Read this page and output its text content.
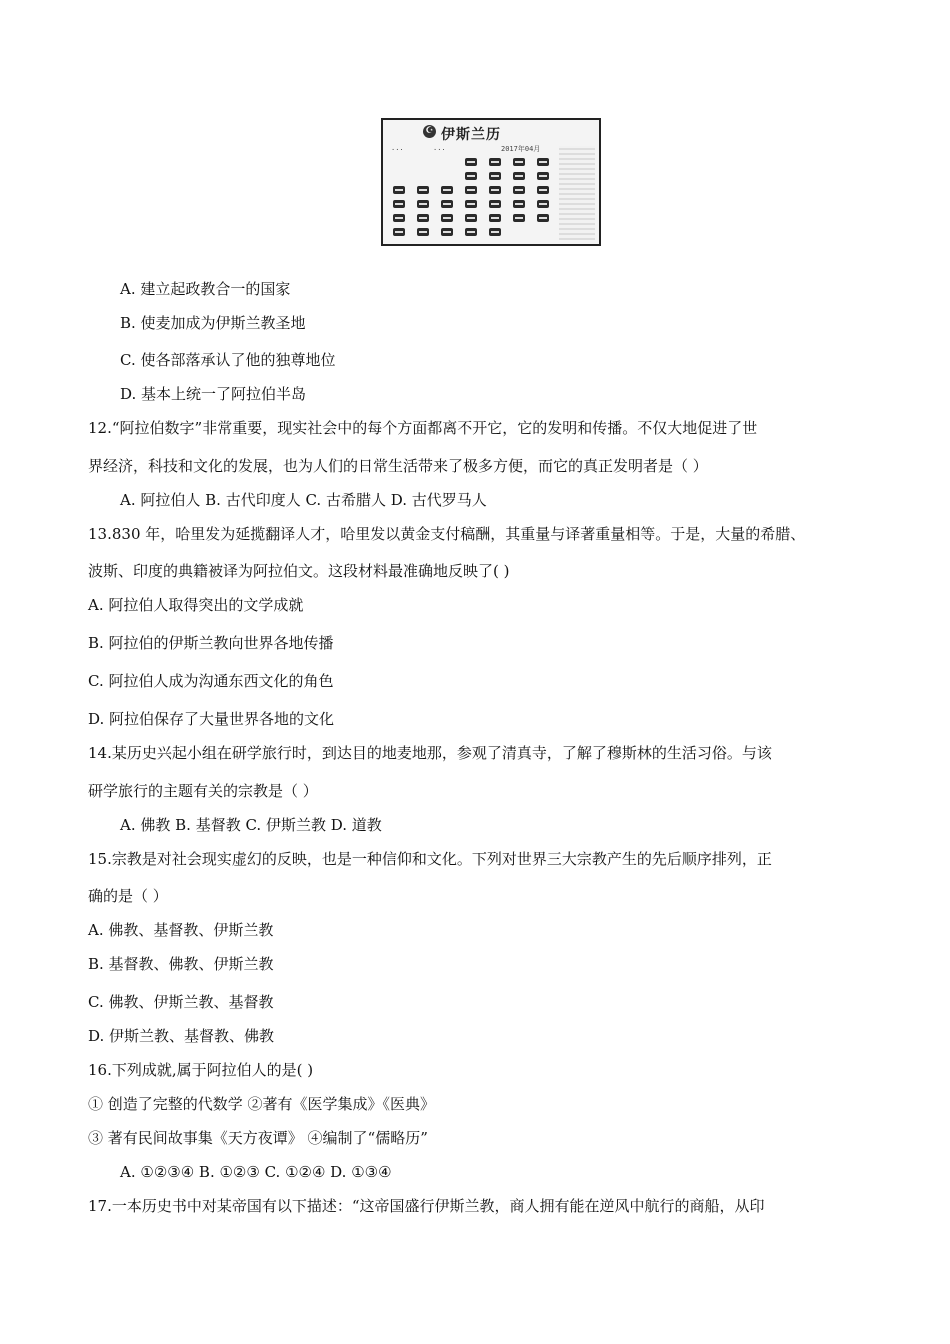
☪ 伊斯兰历
...	...	2017年04月
A. 建立起政教合一的国家
B. 使麦加成为伊斯兰教圣地
C. 使各部落承认了他的独尊地位
D. 基本上统一了阿拉伯半岛
12.“阿拉伯数字”非常重要，现实社会中的每个方面都离不开它，它的发明和传播。不仅大地促进了世
界经济，科技和文化的发展，也为人们的日常生活带来了极多方便，而它的真正发明者是（ ）
A. 阿拉伯人 B. 古代印度人 C. 古希腊人 D. 古代罗马人
13.830 年，哈里发为延揽翻译人才，哈里发以黄金支付稿酬，其重量与译著重量相等。于是，大量的希腊、
波斯、印度的典籍被译为阿拉伯文。这段材料最准确地反映了( )
A. 阿拉伯人取得突出的文学成就
B. 阿拉伯的伊斯兰教向世界各地传播
C. 阿拉伯人成为沟通东西文化的角色
D. 阿拉伯保存了大量世界各地的文化
14.某历史兴起小组在研学旅行时，到达目的地麦地那，参观了清真寺，了解了穆斯林的生活习俗。与该
研学旅行的主题有关的宗教是（ ）
A. 佛教 B. 基督教 C. 伊斯兰教 D. 道教
15.宗教是对社会现实虚幻的反映，也是一种信仰和文化。下列对世界三大宗教产生的先后顺序排列，正
确的是（ ）
A. 佛教、基督教、伊斯兰教
B. 基督教、佛教、伊斯兰教
C. 佛教、伊斯兰教、基督教
D. 伊斯兰教、基督教、佛教
16.下列成就,属于阿拉伯人的是( )
① 创造了完整的代数学 ②著有《医学集成》《医典》
③ 著有民间故事集《天方夜谭》 ④编制了“儒略历”
A. ①②③④ B. ①②③ C. ①②④ D. ①③④
17.一本历史书中对某帝国有以下描述：“这帝国盛行伊斯兰教，商人拥有能在逆风中航行的商船，从印
